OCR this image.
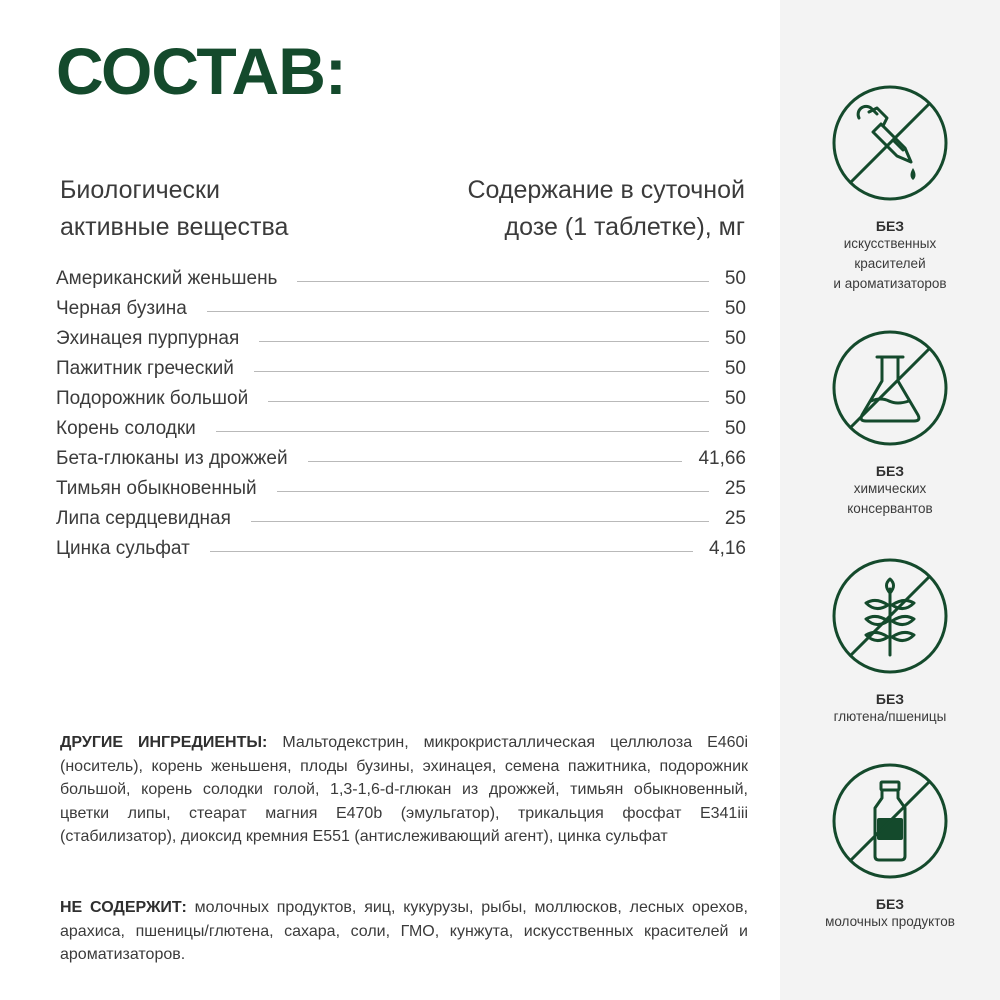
СОСТАВ:
Биологически
активные вещества
Содержание в суточной
дозе (1 таблетке), мг
Американский женьшень	50
Черная бузина	50
Эхинацея пурпурная	50
Пажитник греческий	50
Подорожник большой	50
Корень солодки	50
Бета-глюканы из дрожжей	41,66
Тимьян обыкновенный	25
Липа сердцевидная	25
Цинка сульфат	4,16
ДРУГИЕ ИНГРЕДИЕНТЫ: Мальтодекстрин, микрокристаллическая целлюлоза Е460i (носитель), корень женьшеня, плоды бузины, эхинацея, семена пажитника, подорожник большой, корень солодки голой, 1,3-1,6-d-глюкан из дрожжей, тимьян обыкновенный, цветки липы, стеарат магния Е470b (эмульгатор), трикальция фосфат Е341iii (стабилизатор), диоксид кремния Е551 (антислеживающий агент), цинка сульфат
НЕ СОДЕРЖИТ: молочных продуктов, яиц, кукурузы, рыбы, моллюсков, лесных орехов, арахиса, пшеницы/глютена, сахара, соли, ГМО, кунжута, искусственных красителей и ароматизаторов.
БЕЗ
искусственных
красителей
и ароматизаторов
БЕЗ
химических
консервантов
БЕЗ
глютена/пшеницы
БЕЗ
молочных продуктов
